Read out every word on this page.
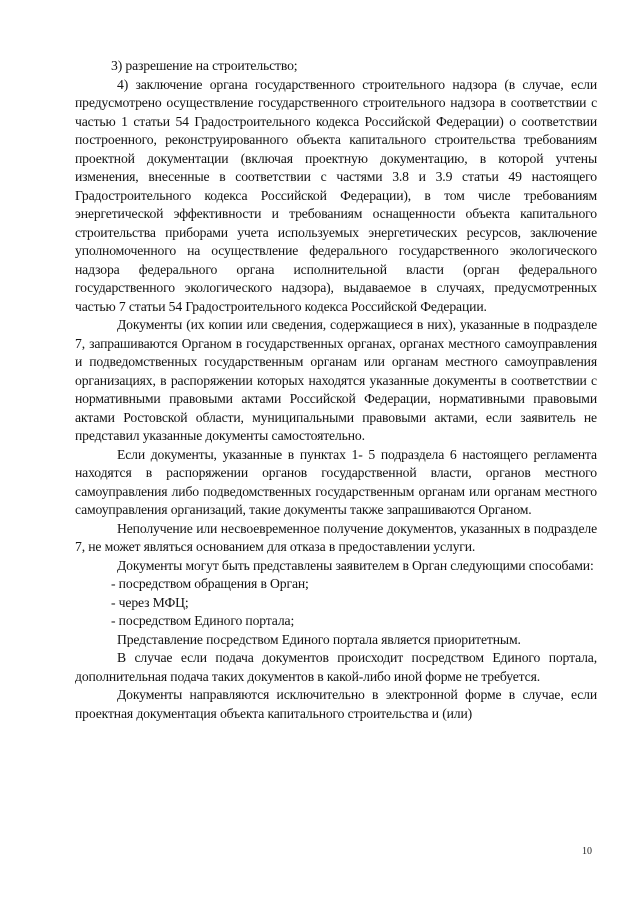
3) разрешение на строительство;

4) заключение органа государственного строительного надзора (в случае, если предусмотрено осуществление государственного строительного надзора в соответствии с частью 1 статьи 54 Градостроительного кодекса Российской Федерации) о соответствии построенного, реконструированного объекта капитального строительства требованиям проектной документации (включая проектную документацию, в которой учтены изменения, внесенные в соответствии с частями 3.8 и 3.9 статьи 49 настоящего Градостроительного кодекса Российской Федерации), в том числе требованиям энергетической эффективности и требованиям оснащенности объекта капитального строительства приборами учета используемых энергетических ресурсов, заключение уполномоченного на осуществление федерального государственного экологического надзора федерального органа исполнительной власти (орган федерального государственного экологического надзора), выдаваемое в случаях, предусмотренных частью 7 статьи 54 Градостроительного кодекса Российской Федерации.

Документы (их копии или сведения, содержащиеся в них), указанные в подразделе 7, запрашиваются Органом в государственных органах, органах местного самоуправления и подведомственных государственным органам или органам местного самоуправления организациях, в распоряжении которых находятся указанные документы в соответствии с нормативными правовыми актами Российской Федерации, нормативными правовыми актами Ростовской области, муниципальными правовыми актами, если заявитель не представил указанные документы самостоятельно.

Если документы, указанные в пунктах 1- 5 подраздела 6 настоящего регламента находятся в распоряжении органов государственной власти, органов местного самоуправления либо подведомственных государственным органам или органам местного самоуправления организаций, такие документы также запрашиваются Органом.

Неполучение или несвоевременное получение документов, указанных в подразделе 7, не может являться основанием для отказа в предоставлении услуги.

Документы могут быть представлены заявителем в Орган следующими способами:

- посредством обращения в Орган;

- через МФЦ;

- посредством Единого портала;

Представление посредством Единого портала является приоритетным.

В случае если подача документов происходит посредством Единого портала, дополнительная подача таких документов в какой-либо иной форме не требуется.

Документы направляются исключительно в электронной форме в случае, если проектная документация объекта капитального строительства и (или)

10
